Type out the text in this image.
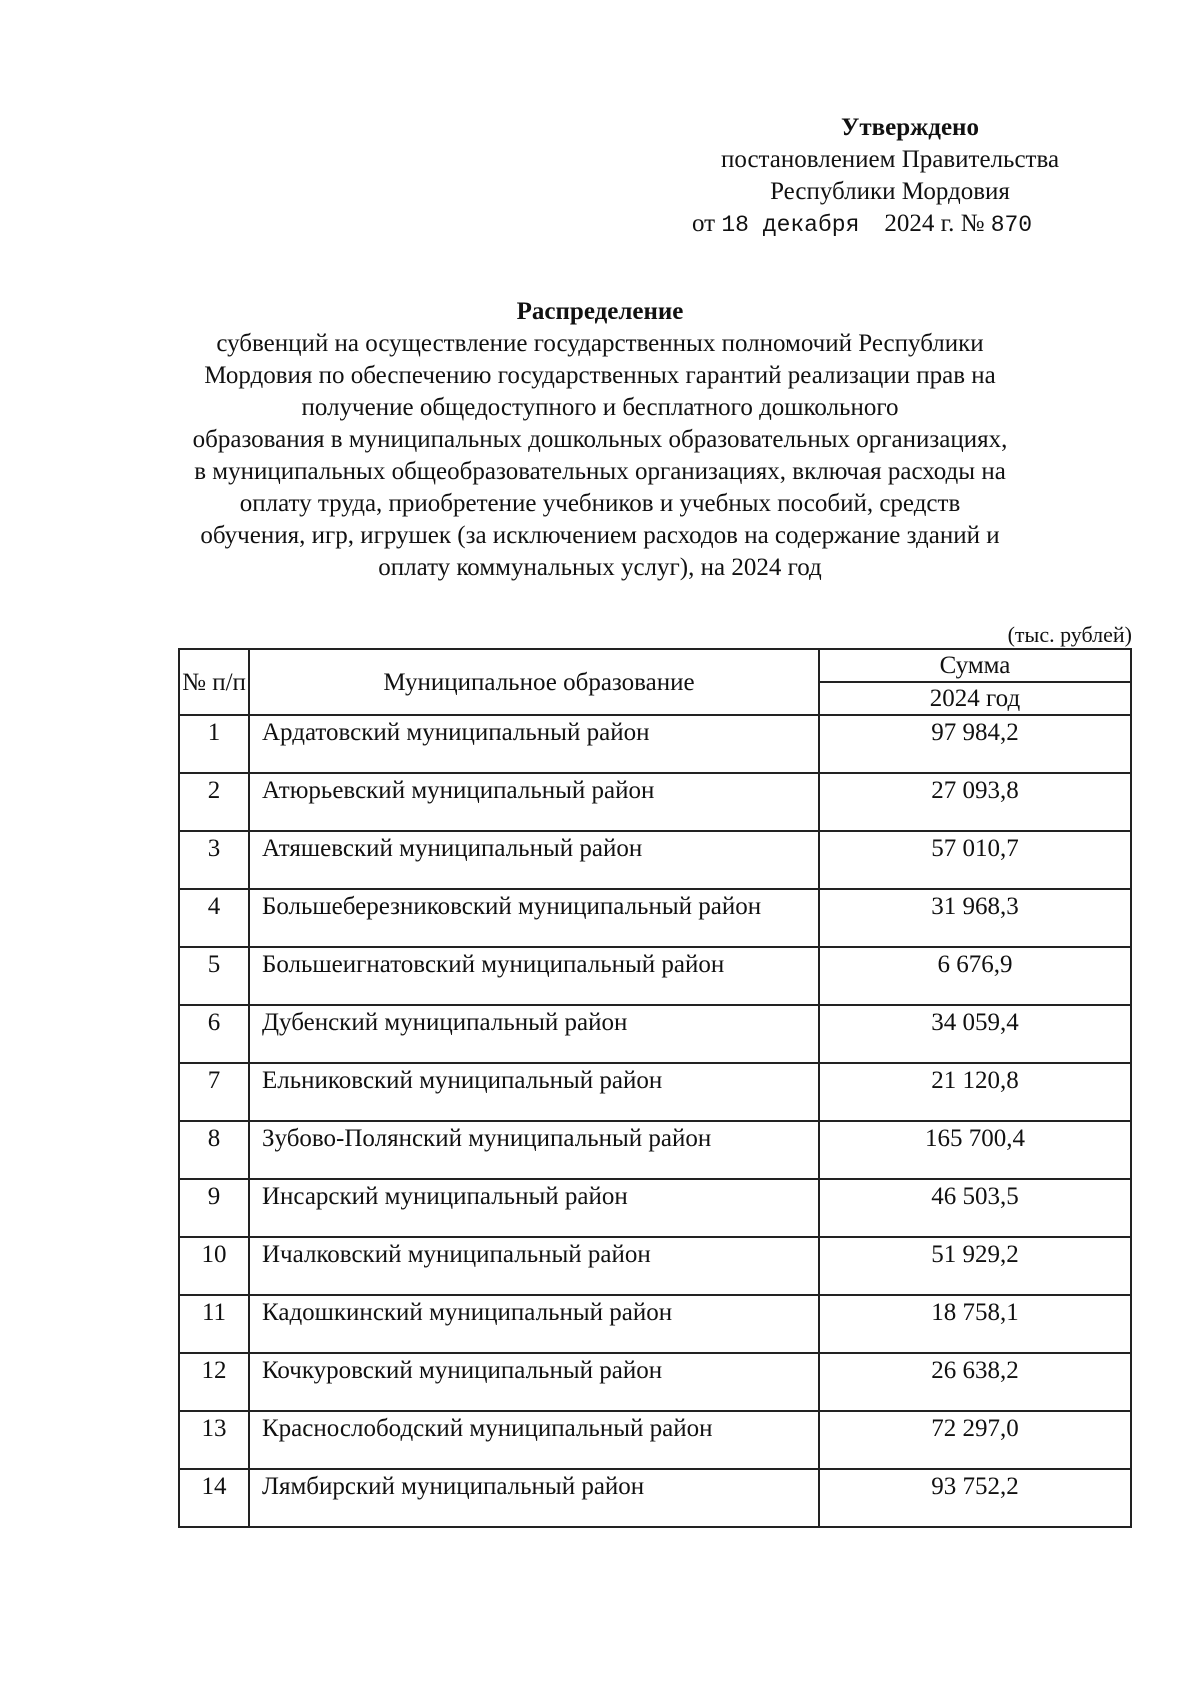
Утверждено
постановлением Правительства
Республики Мордовия
от 18 декабря 2024 г. № 870
Распределение
субвенций на осуществление государственных полномочий Республики
Мордовия по обеспечению государственных гарантий реализации прав на
получение общедоступного и бесплатного дошкольного
образования в муниципальных дошкольных образовательных организациях,
в муниципальных общеобразовательных организациях, включая расходы на
оплату труда, приобретение учебников и учебных пособий, средств
обучения, игр, игрушек (за исключением расходов на содержание зданий и
оплату коммунальных услуг), на 2024 год
(тыс. рублей)
№ п/п	Муниципальное образование	Сумма
		2024 год
1	Ардатовский муниципальный район	97 984,2
2	Атюрьевский муниципальный район	27 093,8
3	Атяшевский муниципальный район	57 010,7
4	Большеберезниковский муниципальный район	31 968,3
5	Большеигнатовский муниципальный район	6 676,9
6	Дубенский муниципальный район	34 059,4
7	Ельниковский муниципальный район	21 120,8
8	Зубово-Полянский муниципальный район	165 700,4
9	Инсарский муниципальный район	46 503,5
10	Ичалковский муниципальный район	51 929,2
11	Кадошкинский муниципальный район	18 758,1
12	Кочкуровский муниципальный район	26 638,2
13	Краснослободский муниципальный район	72 297,0
14	Лямбирский муниципальный район	93 752,2
